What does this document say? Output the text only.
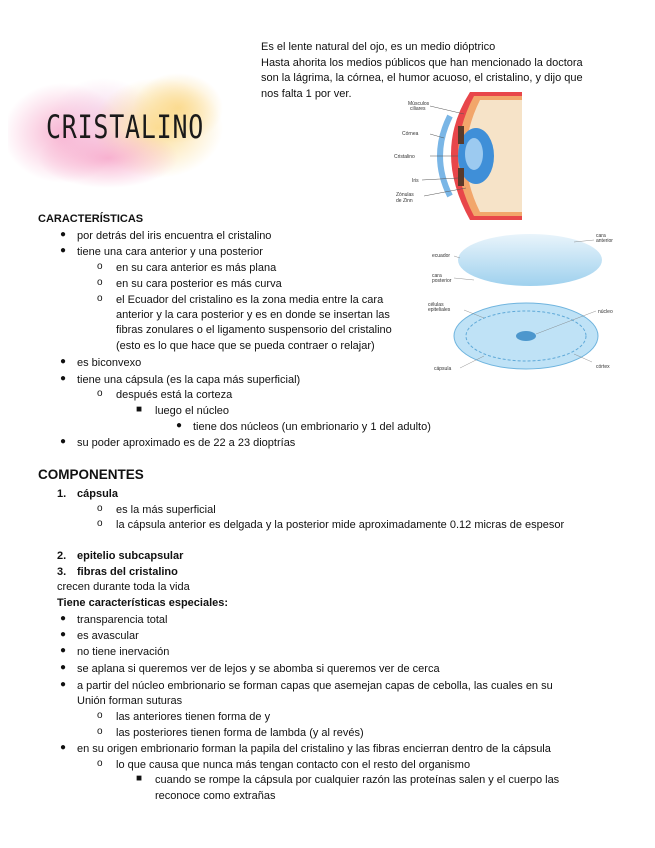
CRISTALINO
Es el lente natural del ojo, es un medio dióptrico
Hasta ahorita los medios públicos que han mencionado la doctora
son la lágrima, la córnea, el humor acuoso, el cristalino, y dijo que
nos falta 1 por ver.
Músculos
ciliares
Córnea
Cristalino
Iris
Zónulas
de Zinn
cara
anterior
ecuador
cara
posterior
células
epiteliales	núcleo
cápsula	córtex
CARACTERÍSTICAS
● por detrás del iris encuentra el cristalino
● tiene una cara anterior y una posterior
o en su cara anterior es más plana
o en su cara posterior es más curva
o el Ecuador del cristalino es la zona media entre la cara
anterior y la cara posterior y es en donde se insertan las
fibras zonulares o el ligamento suspensorio del cristalino
(esto es lo que hace que se pueda contraer o relajar)
● es biconvexo
● tiene una cápsula (es la capa más superficial)
o después está la corteza
■ luego el núcleo
● tiene dos núcleos (un embrionario y 1 del adulto)
● su poder aproximado es de 22 a 23 dioptrías
COMPONENTES
1. cápsula
o es la más superficial
o la cápsula anterior es delgada y la posterior mide aproximadamente 0.12 micras de espesor
2. epitelio subcapsular
3. fibras del cristalino
crecen durante toda la vida
Tiene características especiales:
● transparencia total
● es avascular
● no tiene inervación
● se aplana si queremos ver de lejos y se abomba si queremos ver de cerca
● a partir del núcleo embrionario se forman capas que asemejan capas de cebolla, las cuales en su
Unión forman suturas
o las anteriores tienen forma de y
o las posteriores tienen forma de lambda (y al revés)
● en su origen embrionario forman la papila del cristalino y las fibras encierran dentro de la cápsula
o lo que causa que nunca más tengan contacto con el resto del organismo
■ cuando se rompe la cápsula por cualquier razón las proteínas salen y el cuerpo las
reconoce como extrañas
